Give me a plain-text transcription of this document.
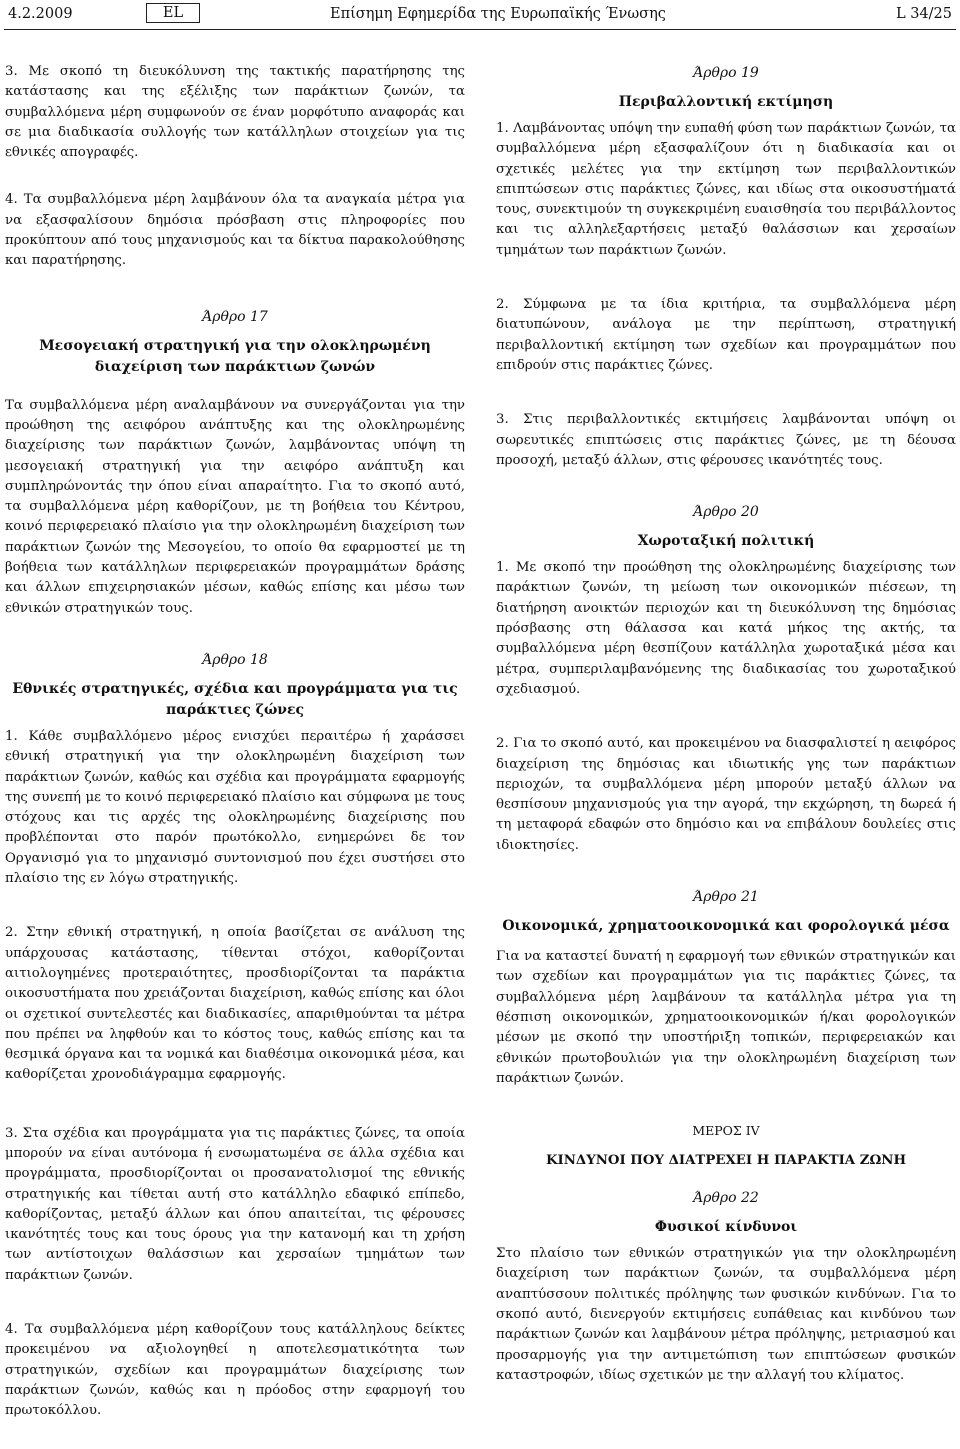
4.2.2009	EL	Επίσημη Εφημερίδα της Ευρωπαϊκής Ένωσης	L 34/25

3. Με σκοπό τη διευκόλυνση της τακτικής παρατήρησης της κατάστασης και της εξέλιξης των παράκτιων ζωνών, τα συμβαλλόμενα μέρη συμφωνούν σε έναν μορφότυπο αναφοράς και σε μια διαδικασία συλλογής των κατάλληλων στοιχείων για τις εθνικές απογραφές.

4. Τα συμβαλλόμενα μέρη λαμβάνουν όλα τα αναγκαία μέτρα για να εξασφαλίσουν δημόσια πρόσβαση στις πληροφορίες που προκύπτουν από τους μηχανισμούς και τα δίκτυα παρακολούθησης και παρατήρησης.

Άρθρο 17
Μεσογειακή στρατηγική για την ολοκληρωμένη διαχείριση των παράκτιων ζωνών

Τα συμβαλλόμενα μέρη αναλαμβάνουν να συνεργάζονται για την προώθηση της αειφόρου ανάπτυξης και της ολοκληρωμένης διαχείρισης των παράκτιων ζωνών, λαμβάνοντας υπόψη τη μεσογειακή στρατηγική για την αειφόρο ανάπτυξη και συμπληρώνοντάς την όπου είναι απαραίτητο. Για το σκοπό αυτό, τα συμβαλλόμενα μέρη καθορίζουν, με τη βοήθεια του Κέντρου, κοινό περιφερειακό πλαίσιο για την ολοκληρωμένη διαχείριση των παράκτιων ζωνών της Μεσογείου, το οποίο θα εφαρμοστεί με τη βοήθεια των κατάλληλων περιφερειακών προγραμμάτων δράσης και άλλων επιχειρησιακών μέσων, καθώς επίσης και μέσω των εθνικών στρατηγικών τους.

Άρθρο 18
Εθνικές στρατηγικές, σχέδια και προγράμματα για τις παράκτιες ζώνες

1. Κάθε συμβαλλόμενο μέρος ενισχύει περαιτέρω ή χαράσσει εθνική στρατηγική για την ολοκληρωμένη διαχείριση των παράκτιων ζωνών, καθώς και σχέδια και προγράμματα εφαρμογής της συνεπή με το κοινό περιφερειακό πλαίσιο και σύμφωνα με τους στόχους και τις αρχές της ολοκληρωμένης διαχείρισης που προβλέπονται στο παρόν πρωτόκολλο, ενημερώνει δε τον Οργανισμό για το μηχανισμό συντονισμού που έχει συστήσει στο πλαίσιο της εν λόγω στρατηγικής.

2. Στην εθνική στρατηγική, η οποία βασίζεται σε ανάλυση της υπάρχουσας κατάστασης, τίθενται στόχοι, καθορίζονται αιτιολογημένες προτεραιότητες, προσδιορίζονται τα παράκτια οικοσυστήματα που χρειάζονται διαχείριση, καθώς επίσης και όλοι οι σχετικοί συντελεστές και διαδικασίες, απαριθμούνται τα μέτρα που πρέπει να ληφθούν και το κόστος τους, καθώς επίσης και τα θεσμικά όργανα και τα νομικά και διαθέσιμα οικονομικά μέσα, και καθορίζεται χρονοδιάγραμμα εφαρμογής.

3. Στα σχέδια και προγράμματα για τις παράκτιες ζώνες, τα οποία μπορούν να είναι αυτόνομα ή ενσωματωμένα σε άλλα σχέδια και προγράμματα, προσδιορίζονται οι προσανατολισμοί της εθνικής στρατηγικής και τίθεται αυτή στο κατάλληλο εδαφικό επίπεδο, καθορίζοντας, μεταξύ άλλων και όπου απαιτείται, τις φέρουσες ικανότητές τους και τους όρους για την κατανομή και τη χρήση των αντίστοιχων θαλάσσιων και χερσαίων τμημάτων των παράκτιων ζωνών.

4. Τα συμβαλλόμενα μέρη καθορίζουν τους κατάλληλους δείκτες προκειμένου να αξιολογηθεί η αποτελεσματικότητα των στρατηγικών, σχεδίων και προγραμμάτων διαχείρισης των παράκτιων ζωνών, καθώς και η πρόοδος στην εφαρμογή του πρωτοκόλλου.

Άρθρο 19
Περιβαλλοντική εκτίμηση

1. Λαμβάνοντας υπόψη την ευπαθή φύση των παράκτιων ζωνών, τα συμβαλλόμενα μέρη εξασφαλίζουν ότι η διαδικασία και οι σχετικές μελέτες για την εκτίμηση των περιβαλλοντικών επιπτώσεων στις παράκτιες ζώνες, και ιδίως στα οικοσυστήματά τους, συνεκτιμούν τη συγκεκριμένη ευαισθησία του περιβάλλοντος και τις αλληλεξαρτήσεις μεταξύ θαλάσσιων και χερσαίων τμημάτων των παράκτιων ζωνών.

2. Σύμφωνα με τα ίδια κριτήρια, τα συμβαλλόμενα μέρη διατυπώνουν, ανάλογα με την περίπτωση, στρατηγική περιβαλλοντική εκτίμηση των σχεδίων και προγραμμάτων που επιδρούν στις παράκτιες ζώνες.

3. Στις περιβαλλοντικές εκτιμήσεις λαμβάνονται υπόψη οι σωρευτικές επιπτώσεις στις παράκτιες ζώνες, με τη δέουσα προσοχή, μεταξύ άλλων, στις φέρουσες ικανότητές τους.

Άρθρο 20
Χωροταξική πολιτική

1. Με σκοπό την προώθηση της ολοκληρωμένης διαχείρισης των παράκτιων ζωνών, τη μείωση των οικονομικών πιέσεων, τη διατήρηση ανοικτών περιοχών και τη διευκόλυνση της δημόσιας πρόσβασης στη θάλασσα και κατά μήκος της ακτής, τα συμβαλλόμενα μέρη θεσπίζουν κατάλληλα χωροταξικά μέσα και μέτρα, συμπεριλαμβανόμενης της διαδικασίας του χωροταξικού σχεδιασμού.

2. Για το σκοπό αυτό, και προκειμένου να διασφαλιστεί η αειφόρος διαχείριση της δημόσιας και ιδιωτικής γης των παράκτιων περιοχών, τα συμβαλλόμενα μέρη μπορούν μεταξύ άλλων να θεσπίσουν μηχανισμούς για την αγορά, την εκχώρηση, τη δωρεά ή τη μεταφορά εδαφών στο δημόσιο και να επιβάλουν δουλείες στις ιδιοκτησίες.

Άρθρο 21
Οικονομικά, χρηματοοικονομικά και φορολογικά μέσα

Για να καταστεί δυνατή η εφαρμογή των εθνικών στρατηγικών και των σχεδίων και προγραμμάτων για τις παράκτιες ζώνες, τα συμβαλλόμενα μέρη λαμβάνουν τα κατάλληλα μέτρα για τη θέσπιση οικονομικών, χρηματοοικονομικών ή/και φορολογικών μέσων με σκοπό την υποστήριξη τοπικών, περιφερειακών και εθνικών πρωτοβουλιών για την ολοκληρωμένη διαχείριση των παράκτιων ζωνών.

ΜΕΡΟΣ IV
ΚΙΝΔΥΝΟΙ ΠΟΥ ΔΙΑΤΡΕΧΕΙ Η ΠΑΡΑΚΤΙΑ ΖΩΝΗ
Άρθρο 22
Φυσικοί κίνδυνοι

Στο πλαίσιο των εθνικών στρατηγικών για την ολοκληρωμένη διαχείριση των παράκτιων ζωνών, τα συμβαλλόμενα μέρη αναπτύσσουν πολιτικές πρόληψης των φυσικών κινδύνων. Για το σκοπό αυτό, διενεργούν εκτιμήσεις ευπάθειας και κινδύνου των παράκτιων ζωνών και λαμβάνουν μέτρα πρόληψης, μετριασμού και προσαρμογής για την αντιμετώπιση των επιπτώσεων φυσικών καταστροφών, ιδίως σχετικών με την αλλαγή του κλίματος.
